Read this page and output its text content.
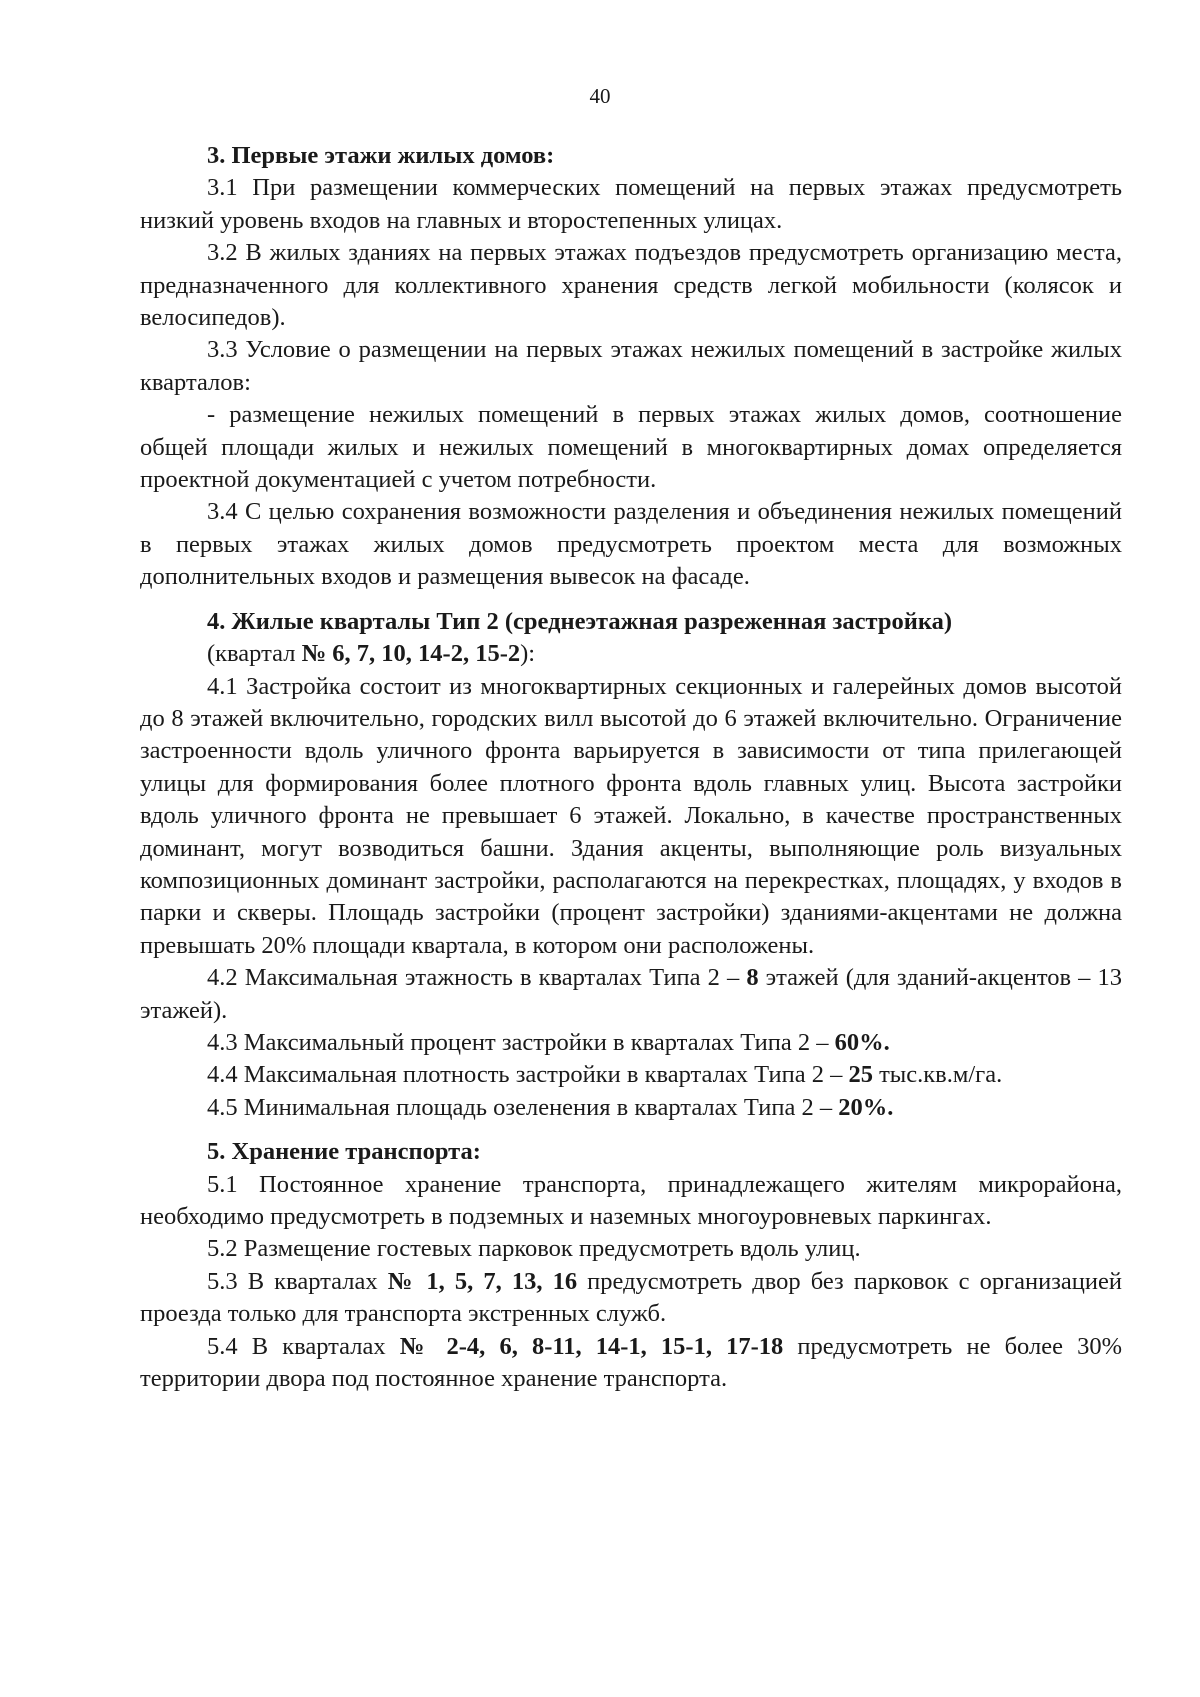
40

3. Первые этажи жилых домов:

3.1 При размещении коммерческих помещений на первых этажах предусмотреть низкий уровень входов на главных и второстепенных улицах.

3.2 В жилых зданиях на первых этажах подъездов предусмотреть организацию места, предназначенного для коллективного хранения средств легкой мобильности (колясок и велосипедов).

3.3 Условие о размещении на первых этажах нежилых помещений в застройке жилых кварталов:

- размещение нежилых помещений в первых этажах жилых домов, соотношение общей площади жилых и нежилых помещений в многоквартирных домах определяется проектной документацией с учетом потребности.

3.4 С целью сохранения возможности разделения и объединения нежилых помещений в первых этажах жилых домов предусмотреть проектом места для возможных дополнительных входов и размещения вывесок на фасаде.

4. Жилые кварталы Тип 2 (среднеэтажная разреженная застройка)

(квартал № 6, 7, 10, 14-2, 15-2):

4.1 Застройка состоит из многоквартирных секционных и галерейных домов высотой до 8 этажей включительно, городских вилл высотой до 6 этажей включительно. Ограничение застроенности вдоль уличного фронта варьируется в зависимости от типа прилегающей улицы для формирования более плотного фронта вдоль главных улиц. Высота застройки вдоль уличного фронта не превышает 6 этажей. Локально, в качестве пространственных доминант, могут возводиться башни. Здания акценты, выполняющие роль визуальных композиционных доминант застройки, располагаются на перекрестках, площадях, у входов в парки и скверы. Площадь застройки (процент застройки) зданиями-акцентами не должна превышать 20% площади квартала, в котором они расположены.

4.2 Максимальная этажность в кварталах Типа 2 – 8 этажей (для зданий-акцентов – 13 этажей).

4.3 Максимальный процент застройки в кварталах Типа 2 – 60%.

4.4 Максимальная плотность застройки в кварталах Типа 2 – 25 тыс.кв.м/га.

4.5 Минимальная площадь озеленения в кварталах Типа 2 – 20%.

5. Хранение транспорта:

5.1 Постоянное хранение транспорта, принадлежащего жителям микрорайона, необходимо предусмотреть в подземных и наземных многоуровневых паркингах.

5.2 Размещение гостевых парковок предусмотреть вдоль улиц.

5.3 В кварталах № 1, 5, 7, 13, 16 предусмотреть двор без парковок с организацией проезда только для транспорта экстренных служб.

5.4 В кварталах № 2-4, 6, 8-11, 14-1, 15-1, 17-18 предусмотреть не более 30% территории двора под постоянное хранение транспорта.
